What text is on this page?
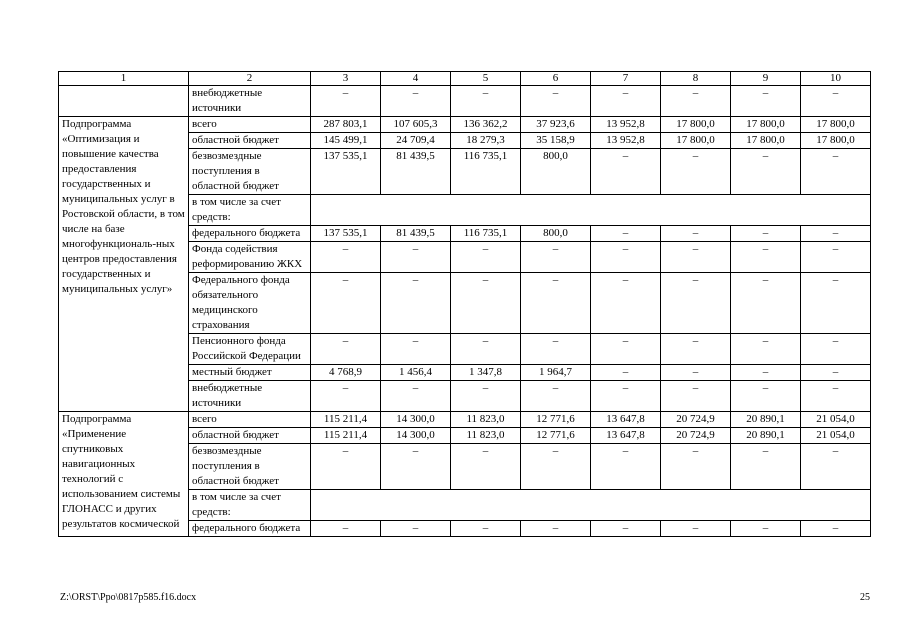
1	2	3	4	5	6	7	8	9	10
	внебюджетные источники	–	–	–	–	–	–	–	–
Подпрограмма «Оптимизация и повышение качества предоставления государственных и муниципальных услуг в Ростовской области, в том числе на базе многофункциональ-ных центров предоставления государственных и муниципальных услуг»	всего	287 803,1	107 605,3	136 362,2	37 923,6	13 952,8	17 800,0	17 800,0	17 800,0
	областной бюджет	145 499,1	24 709,4	18 279,3	35 158,9	13 952,8	17 800,0	17 800,0	17 800,0
	безвозмездные поступления в областной бюджет	137 535,1	81 439,5	116 735,1	800,0	–	–	–	–
	в том числе за счет средств:								
	федерального бюджета	137 535,1	81 439,5	116 735,1	800,0	–	–	–	–
	Фонда содействия реформированию ЖКХ	–	–	–	–	–	–	–	–
	Федерального фонда обязательного медицинского страхования	–	–	–	–	–	–	–	–
	Пенсионного фонда Российской Федерации	–	–	–	–	–	–	–	–
	местный бюджет	4 768,9	1 456,4	1 347,8	1 964,7	–	–	–	–
	внебюджетные источники	–	–	–	–	–	–	–	–
Подпрограмма «Применение спутниковых навигационных технологий с использованием системы ГЛОНАСС и других результатов космической	всего	115 211,4	14 300,0	11 823,0	12 771,6	13 647,8	20 724,9	20 890,1	21 054,0
	областной бюджет	115 211,4	14 300,0	11 823,0	12 771,6	13 647,8	20 724,9	20 890,1	21 054,0
	безвозмездные поступления в областной бюджет	–	–	–	–	–	–	–	–
	в том числе за счет средств:								
	федерального бюджета	–	–	–	–	–	–	–	–
Z:\ORST\Ppo\0817p585.f16.docx	25
